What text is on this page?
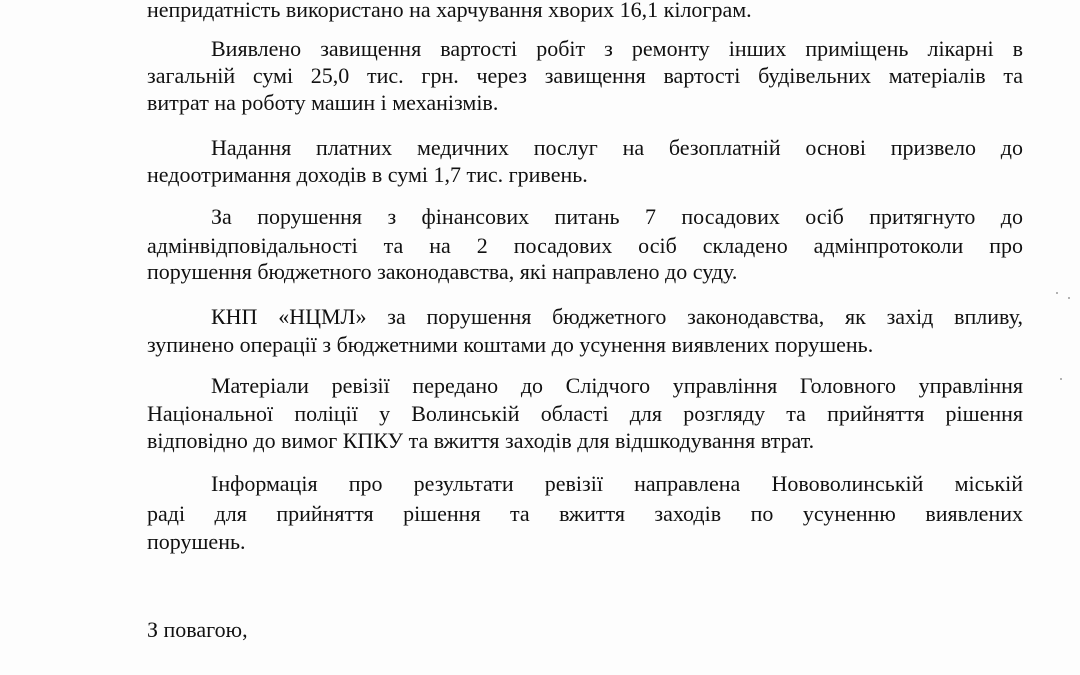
непридатність використано на харчування хворих 16,1 кілограм.
Виявлено завищення вартості робіт з ремонту інших приміщень лікарні в
загальній сумі 25,0 тис. грн. через завищення вартості будівельних матеріалів та
витрат на роботу машин і механізмів.
Надання платних медичних послуг на безоплатній основі призвело до
недоотримання доходів в сумі 1,7 тис. гривень.
За порушення з фінансових питань 7 посадових осіб притягнуто до
адмінвідповідальності та на 2 посадових осіб складено адмінпротоколи про
порушення бюджетного законодавства, які направлено до суду.
КНП «НЦМЛ» за порушення бюджетного законодавства, як захід впливу,
зупинено операції з бюджетними коштами до усунення виявлених порушень.
Матеріали ревізії передано до Слідчого управління Головного управління
Національної поліції у Волинській області для розгляду та прийняття рішення
відповідно до вимог КПКУ та вжиття заходів для відшкодування втрат.
Інформація про результати ревізії направлена Нововолинській міській
раді для прийняття рішення та вжиття заходів по усуненню виявлених
порушень.
З повагою,
